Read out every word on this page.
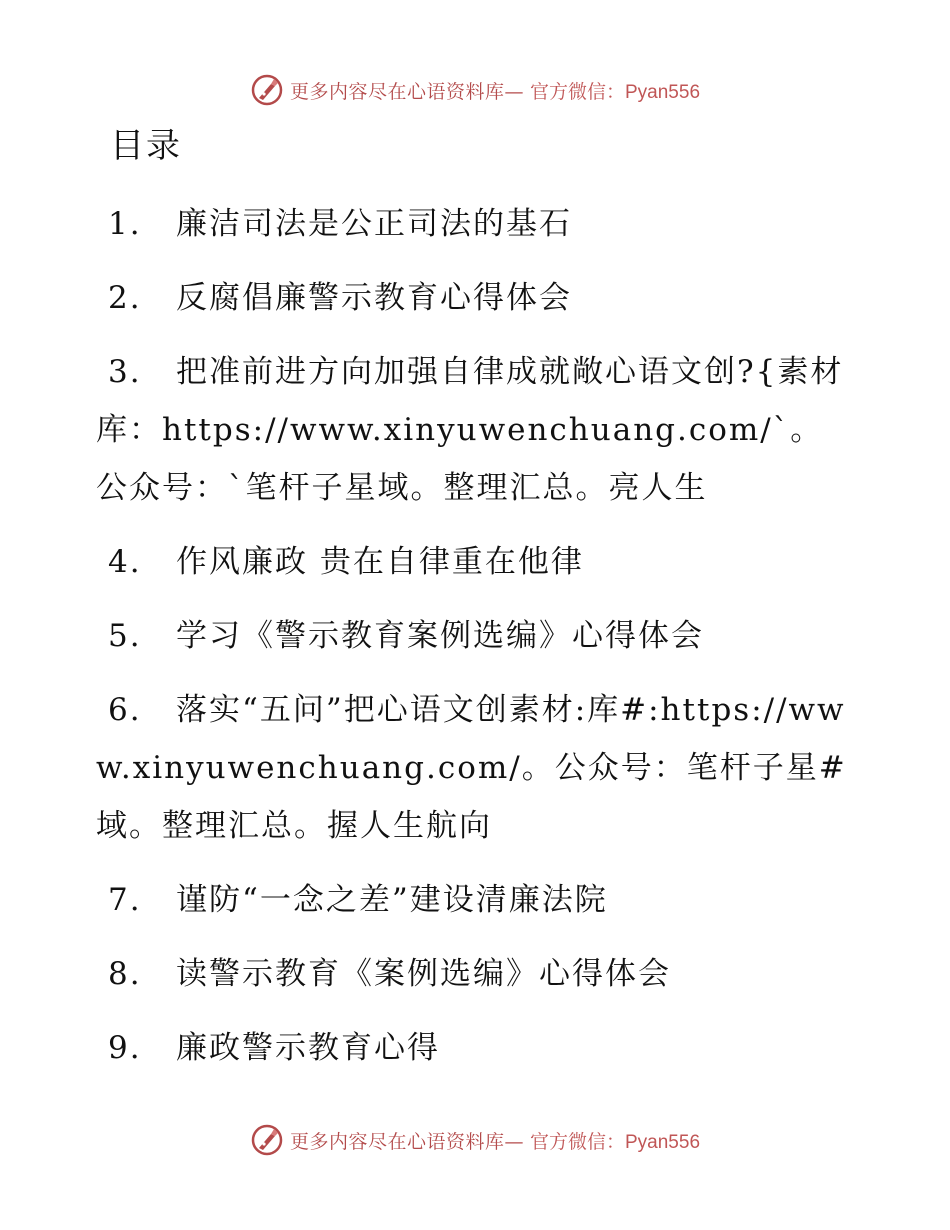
更多内容尽在心语资料库— 官方微信：Pyan556
目录
1. 廉洁司法是公正司法的基石
2. 反腐倡廉警示教育心得体会
3. 把准前进方向加强自律成就敞心语文创?{素材库：https://www.xinyuwenchuang.com/`。公众号：`笔杆子星域。整理汇总。亮人生
4. 作风廉政 贵在自律重在他律
5. 学习《警示教育案例选编》心得体会
6. 落实“五问”把心语文创素材:库#:https://www.xinyuwenchuang.com/。公众号：笔杆子星#域。整理汇总。握人生航向
7. 谨防“一念之差”建设清廉法院
8. 读警示教育《案例选编》心得体会
9. 廉政警示教育心得
更多内容尽在心语资料库— 官方微信：Pyan556
